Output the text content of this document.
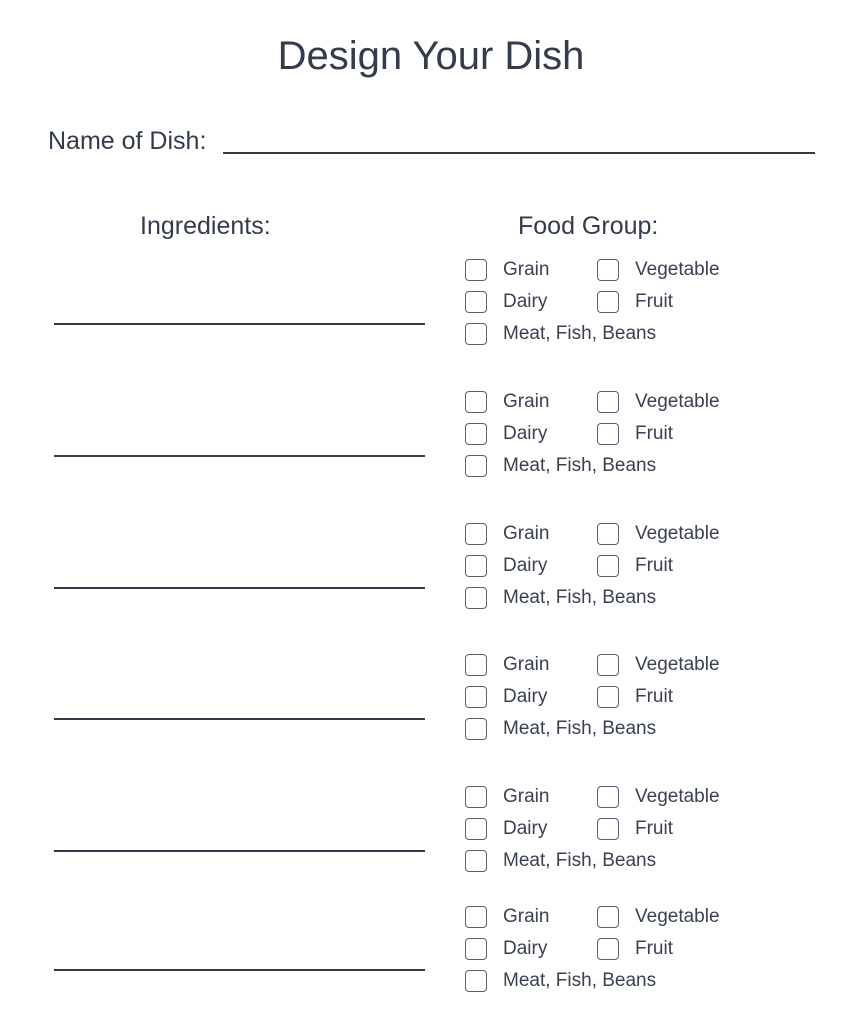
Design Your Dish
Name of Dish:
Ingredients:	Food Group:
Grain	Vegetable
Dairy	Fruit
Meat, Fish, Beans
Grain	Vegetable
Dairy	Fruit
Meat, Fish, Beans
Grain	Vegetable
Dairy	Fruit
Meat, Fish, Beans
Grain	Vegetable
Dairy	Fruit
Meat, Fish, Beans
Grain	Vegetable
Dairy	Fruit
Meat, Fish, Beans
Grain	Vegetable
Dairy	Fruit
Meat, Fish, Beans
